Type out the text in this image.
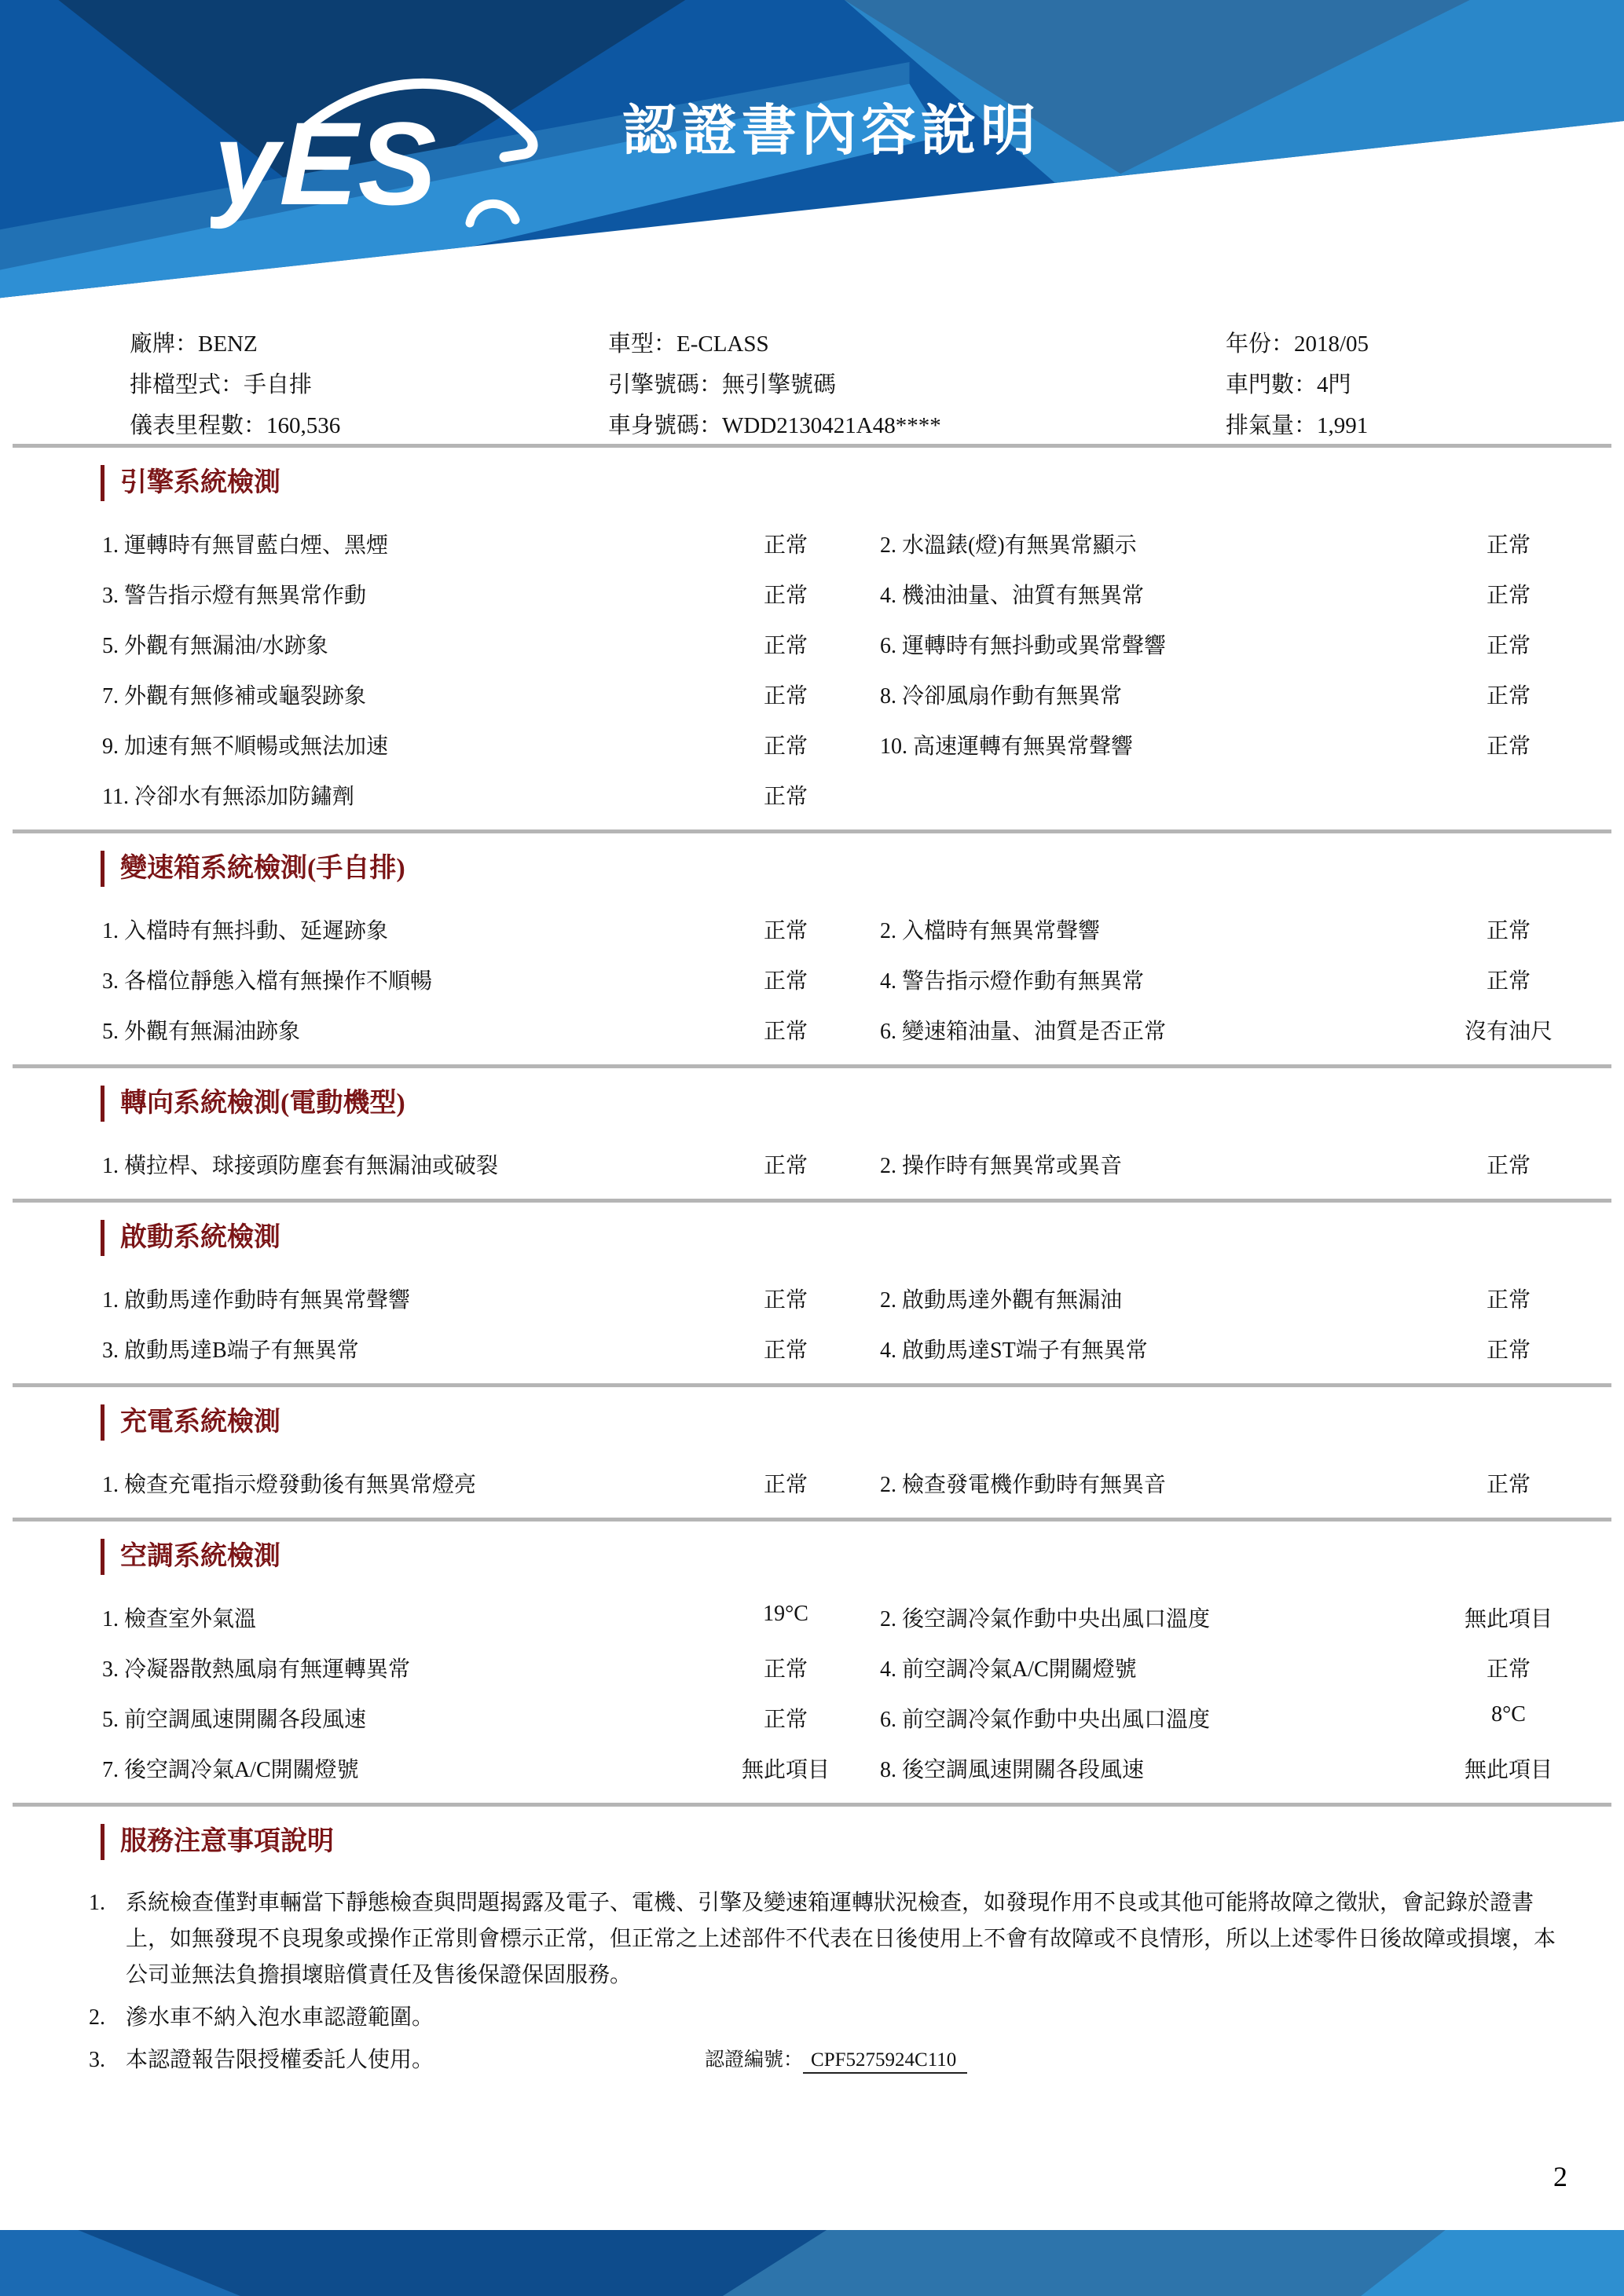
yES	認證書內容說明
廠牌：BENZ	車型：E-CLASS	年份：2018/05
排檔型式：手自排	引擎號碼：無引擎號碼	車門數：4門
儀表里程數：160,536	車身號碼：WDD2130421A48****	排氣量：1,991
引擎系統檢測
1. 運轉時有無冒藍白煙、黑煙	正常	2. 水溫錶(燈)有無異常顯示	正常
3. 警告指示燈有無異常作動	正常	4. 機油油量、油質有無異常	正常
5. 外觀有無漏油/水跡象	正常	6. 運轉時有無抖動或異常聲響	正常
7. 外觀有無修補或龜裂跡象	正常	8. 冷卻風扇作動有無異常	正常
9. 加速有無不順暢或無法加速	正常	10. 高速運轉有無異常聲響	正常
11. 冷卻水有無添加防鏽劑	正常
變速箱系統檢測(手自排)
1. 入檔時有無抖動、延遲跡象	正常	2. 入檔時有無異常聲響	正常
3. 各檔位靜態入檔有無操作不順暢	正常	4. 警告指示燈作動有無異常	正常
5. 外觀有無漏油跡象	正常	6. 變速箱油量、油質是否正常	沒有油尺
轉向系統檢測(電動機型)
1. 橫拉桿、球接頭防塵套有無漏油或破裂	正常	2. 操作時有無異常或異音	正常
啟動系統檢測
1. 啟動馬達作動時有無異常聲響	正常	2. 啟動馬達外觀有無漏油	正常
3. 啟動馬達B端子有無異常	正常	4. 啟動馬達ST端子有無異常	正常
充電系統檢測
1. 檢查充電指示燈發動後有無異常燈亮	正常	2. 檢查發電機作動時有無異音	正常
空調系統檢測
1. 檢查室外氣溫	19°C	2. 後空調冷氣作動中央出風口溫度	無此項目
3. 冷凝器散熱風扇有無運轉異常	正常	4. 前空調冷氣A/C開關燈號	正常
5. 前空調風速開關各段風速	正常	6. 前空調冷氣作動中央出風口溫度	8°C
7. 後空調冷氣A/C開關燈號	無此項目	8. 後空調風速開關各段風速	無此項目
服務注意事項說明
1. 系統檢查僅對車輛當下靜態檢查與問題揭露及電子、電機、引擎及變速箱運轉狀況檢查，如發現作用不良或其他可能將故障之徵狀，會記錄於證書上，如無發現不良現象或操作正常則會標示正常，但正常之上述部件不代表在日後使用上不會有故障或不良情形，所以上述零件日後故障或損壞，本公司並無法負擔損壞賠償責任及售後保證保固服務。
2. 滲水車不納入泡水車認證範圍。
3. 本認證報告限授權委託人使用。	認證編號： CPF5275924C110
2
